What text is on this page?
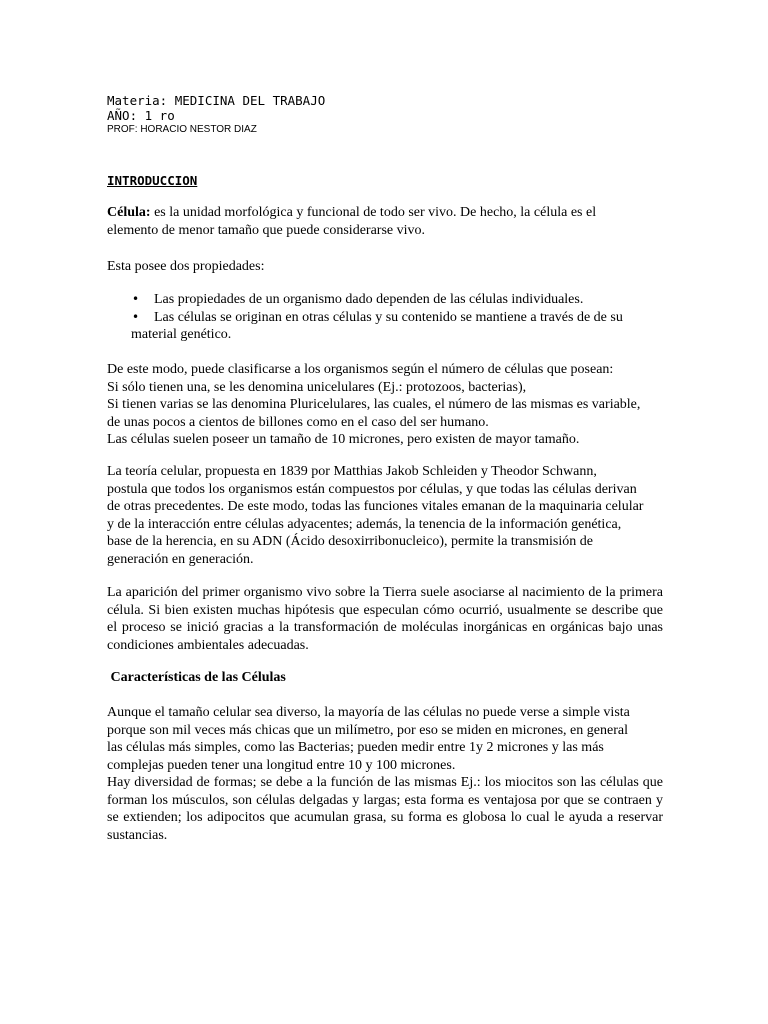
Materia: MEDICINA DEL TRABAJO
AÑO: 1 ro
PROF: HORACIO NESTOR DIAZ
INTRODUCCION
Célula: es la unidad morfológica y funcional de todo ser vivo. De hecho, la célula es el
elemento de menor tamaño que puede considerarse vivo.
Esta posee dos propiedades:
• Las propiedades de un organismo dado dependen de las células individuales.
• Las células se originan en otras células y su contenido se mantiene a través de de su
material genético.
De este modo, puede clasificarse a los organismos según el número de células que posean:
Si sólo tienen una, se les denomina unicelulares (Ej.: protozoos, bacterias),
Si tienen varias se las denomina Pluricelulares, las cuales, el número de las mismas es variable,
de unas pocos a cientos de billones como en el caso del ser humano.
Las células suelen poseer un tamaño de 10 micrones, pero existen de mayor tamaño.
La teoría celular, propuesta en 1839 por Matthias Jakob Schleiden y Theodor Schwann,
postula que todos los organismos están compuestos por células, y que todas las células derivan
de otras precedentes. De este modo, todas las funciones vitales emanan de la maquinaria celular
y de la interacción entre células adyacentes; además, la tenencia de la información genética,
base de la herencia, en su ADN (Ácido desoxirribonucleico), permite la transmisión de
generación en generación.
La aparición del primer organismo vivo sobre la Tierra suele asociarse al nacimiento de la primera célula. Si bien existen muchas hipótesis que especulan cómo ocurrió, usualmente se describe que el proceso se inició gracias a la transformación de moléculas inorgánicas en orgánicas bajo unas condiciones ambientales adecuadas.
Características de las Células
Aunque el tamaño celular sea diverso, la mayoría de las células no puede verse a simple vista
porque son mil veces más chicas que un milímetro, por eso se miden en micrones, en general
las células más simples, como las Bacterias; pueden medir entre 1y 2 micrones y las más
complejas pueden tener una longitud entre 10 y 100 micrones.
Hay diversidad de formas; se debe a la función de las mismas Ej.: los miocitos son las células que forman los músculos, son células delgadas y largas; esta forma es ventajosa por que se contraen y se extienden; los adipocitos que acumulan grasa, su forma es globosa lo cual le ayuda a reservar sustancias.
